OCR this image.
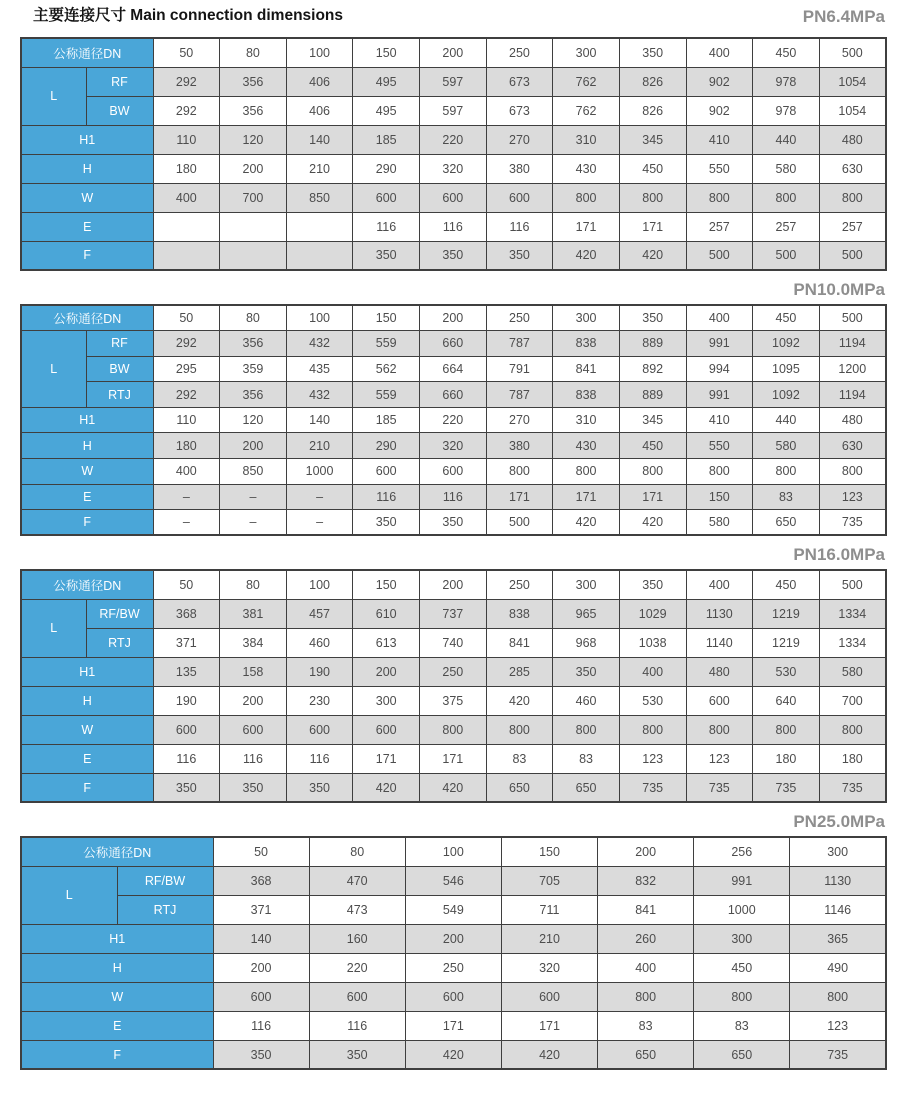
主要连接尺寸 Main connection dimensions	PN6.4MPa
公称通径DN		50	80	100	150	200	250	300	350	400	450	500
L	RF	292	356	406	495	597	673	762	826	902	978	1054
	BW	292	356	406	495	597	673	762	826	902	978	1054
H1		110	120	140	185	220	270	310	345	410	440	480
H		180	200	210	290	320	380	430	450	550	580	630
W		400	700	850	600	600	600	800	800	800	800	800
E					116	116	116	171	171	257	257	257
F					350	350	350	420	420	500	500	500
PN10.0MPa
公称通径DN		50	80	100	150	200	250	300	350	400	450	500
L	RF	292	356	432	559	660	787	838	889	991	1092	1194
	BW	295	359	435	562	664	791	841	892	994	1095	1200
	RTJ	292	356	432	559	660	787	838	889	991	1092	1194
H1		110	120	140	185	220	270	310	345	410	440	480
H		180	200	210	290	320	380	430	450	550	580	630
W		400	850	1000	600	600	800	800	800	800	800	800
E		–	–	–	116	116	171	171	171	150	83	123
F		–	–	–	350	350	500	420	420	580	650	735
PN16.0MPa
公称通径DN		50	80	100	150	200	250	300	350	400	450	500
L	RF/BW	368	381	457	610	737	838	965	1029	1130	1219	1334
	RTJ	371	384	460	613	740	841	968	1038	1140	1219	1334
H1		135	158	190	200	250	285	350	400	480	530	580
H		190	200	230	300	375	420	460	530	600	640	700
W		600	600	600	600	800	800	800	800	800	800	800
E		116	116	116	171	171	83	83	123	123	180	180
F		350	350	350	420	420	650	650	735	735	735	735
PN25.0MPa
公称通径DN		50	80	100	150	200	256	300
L	RF/BW	368	470	546	705	832	991	1130
	RTJ	371	473	549	711	841	1000	1146
H1		140	160	200	210	260	300	365
H		200	220	250	320	400	450	490
W		600	600	600	600	800	800	800
E		116	116	171	171	83	83	123
F		350	350	420	420	650	650	735
